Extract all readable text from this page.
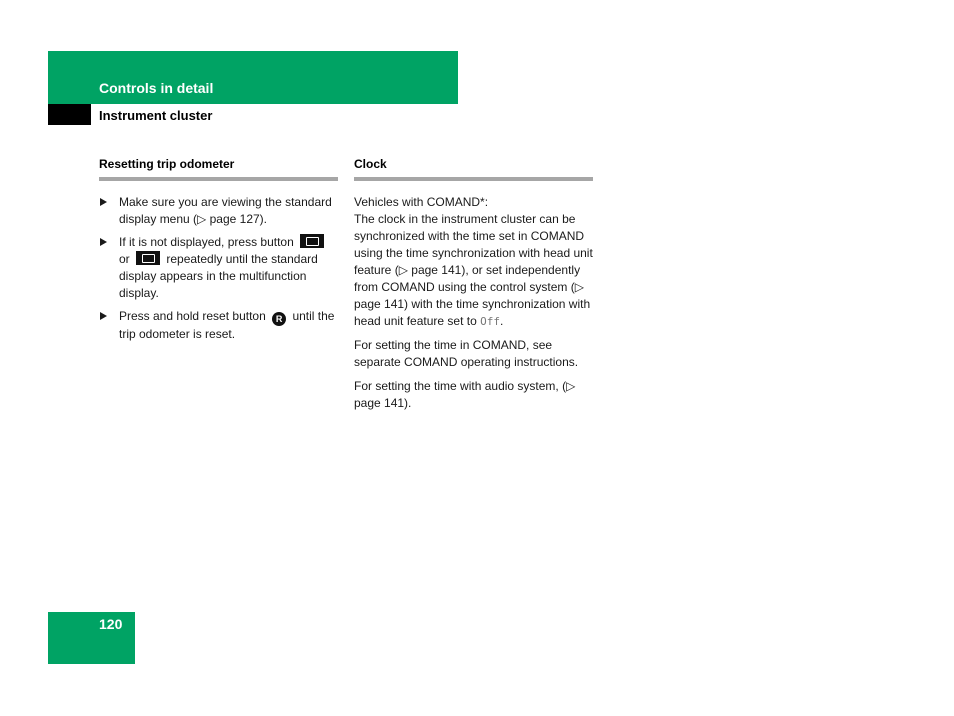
Controls in detail
Instrument cluster
Resetting trip odometer
Make sure you are viewing the standard display menu (▷ page 127).
If it is not displayed, press button  or	repeatedly until the standard display appears in the multifunction display.
Press and hold reset button R until the trip odometer is reset.
Clock
Vehicles with COMAND*:
The clock in the instrument cluster can be synchronized with the time set in COMAND using the time synchronization with head unit feature (▷ page 141), or set independently from COMAND using the control system (▷ page 141) with the time synchronization with head unit feature set to Off.
For setting the time in COMAND, see separate COMAND operating instructions.
For setting the time with audio system, (▷ page 141).
120
